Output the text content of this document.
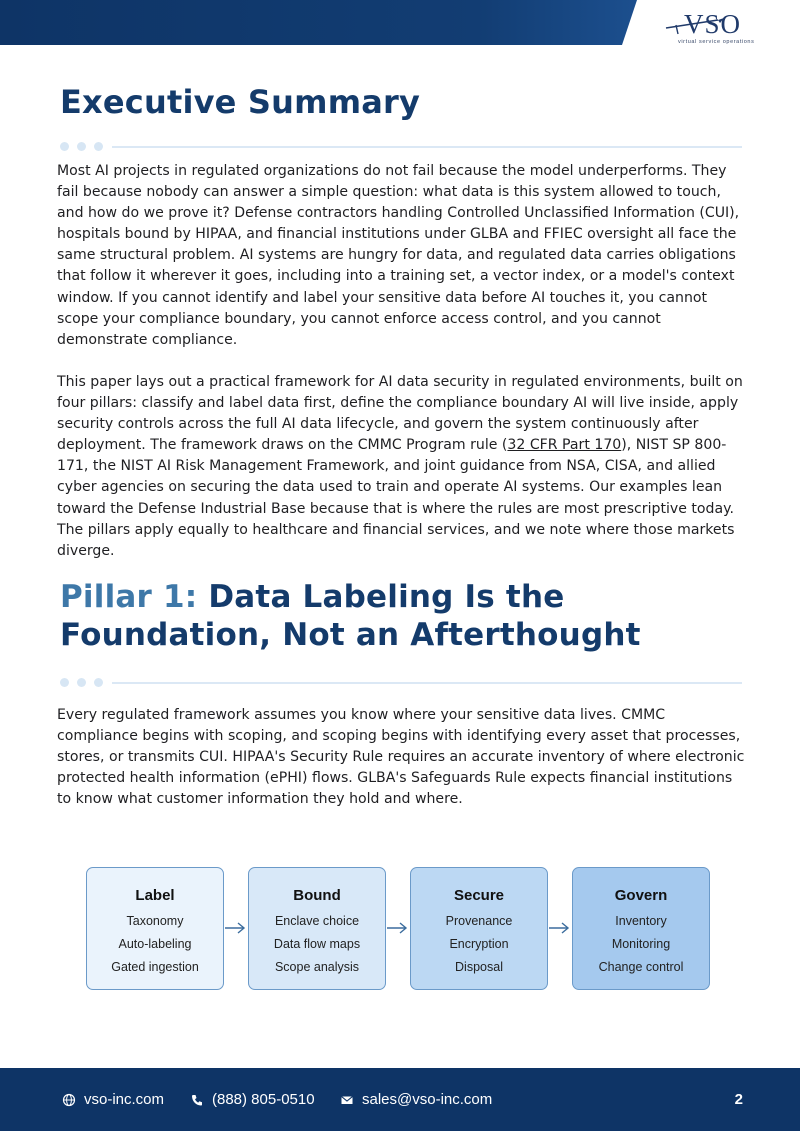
VSO
virtual service operations
Executive Summary

Most AI projects in regulated organizations do not fail because the model underperforms. They fail because nobody can answer a simple question: what data is this system allowed to touch, and how do we prove it? Defense contractors handling Controlled Unclassified Information (CUI), hospitals bound by HIPAA, and financial institutions under GLBA and FFIEC oversight all face the same structural problem. AI systems are hungry for data, and regulated data carries obligations that follow it wherever it goes, including into a training set, a vector index, or a model's context window. If you cannot identify and label your sensitive data before AI touches it, you cannot scope your compliance boundary, you cannot enforce access control, and you cannot demonstrate compliance.

This paper lays out a practical framework for AI data security in regulated environments, built on four pillars: classify and label data first, define the compliance boundary AI will live inside, apply security controls across the full AI data lifecycle, and govern the system continuously after deployment. The framework draws on the CMMC Program rule (32 CFR Part 170), NIST SP 800-171, the NIST AI Risk Management Framework, and joint guidance from NSA, CISA, and allied cyber agencies on securing the data used to train and operate AI systems. Our examples lean toward the Defense Industrial Base because that is where the rules are most prescriptive today. The pillars apply equally to healthcare and financial services, and we note where those markets diverge.

Pillar 1: Data Labeling Is the Foundation, Not an Afterthought

Every regulated framework assumes you know where your sensitive data lives. CMMC compliance begins with scoping, and scoping begins with identifying every asset that processes, stores, or transmits CUI. HIPAA's Security Rule requires an accurate inventory of where electronic protected health information (ePHI) flows. GLBA's Safeguards Rule expects financial institutions to know what customer information they hold and where.

Label
Taxonomy
Auto-labeling
Gated ingestion
Bound
Enclave choice
Data flow maps
Scope analysis
Secure
Provenance
Encryption
Disposal
Govern
Inventory
Monitoring
Change control
vso-inc.com	(888) 805-0510	sales@vso-inc.com	2
